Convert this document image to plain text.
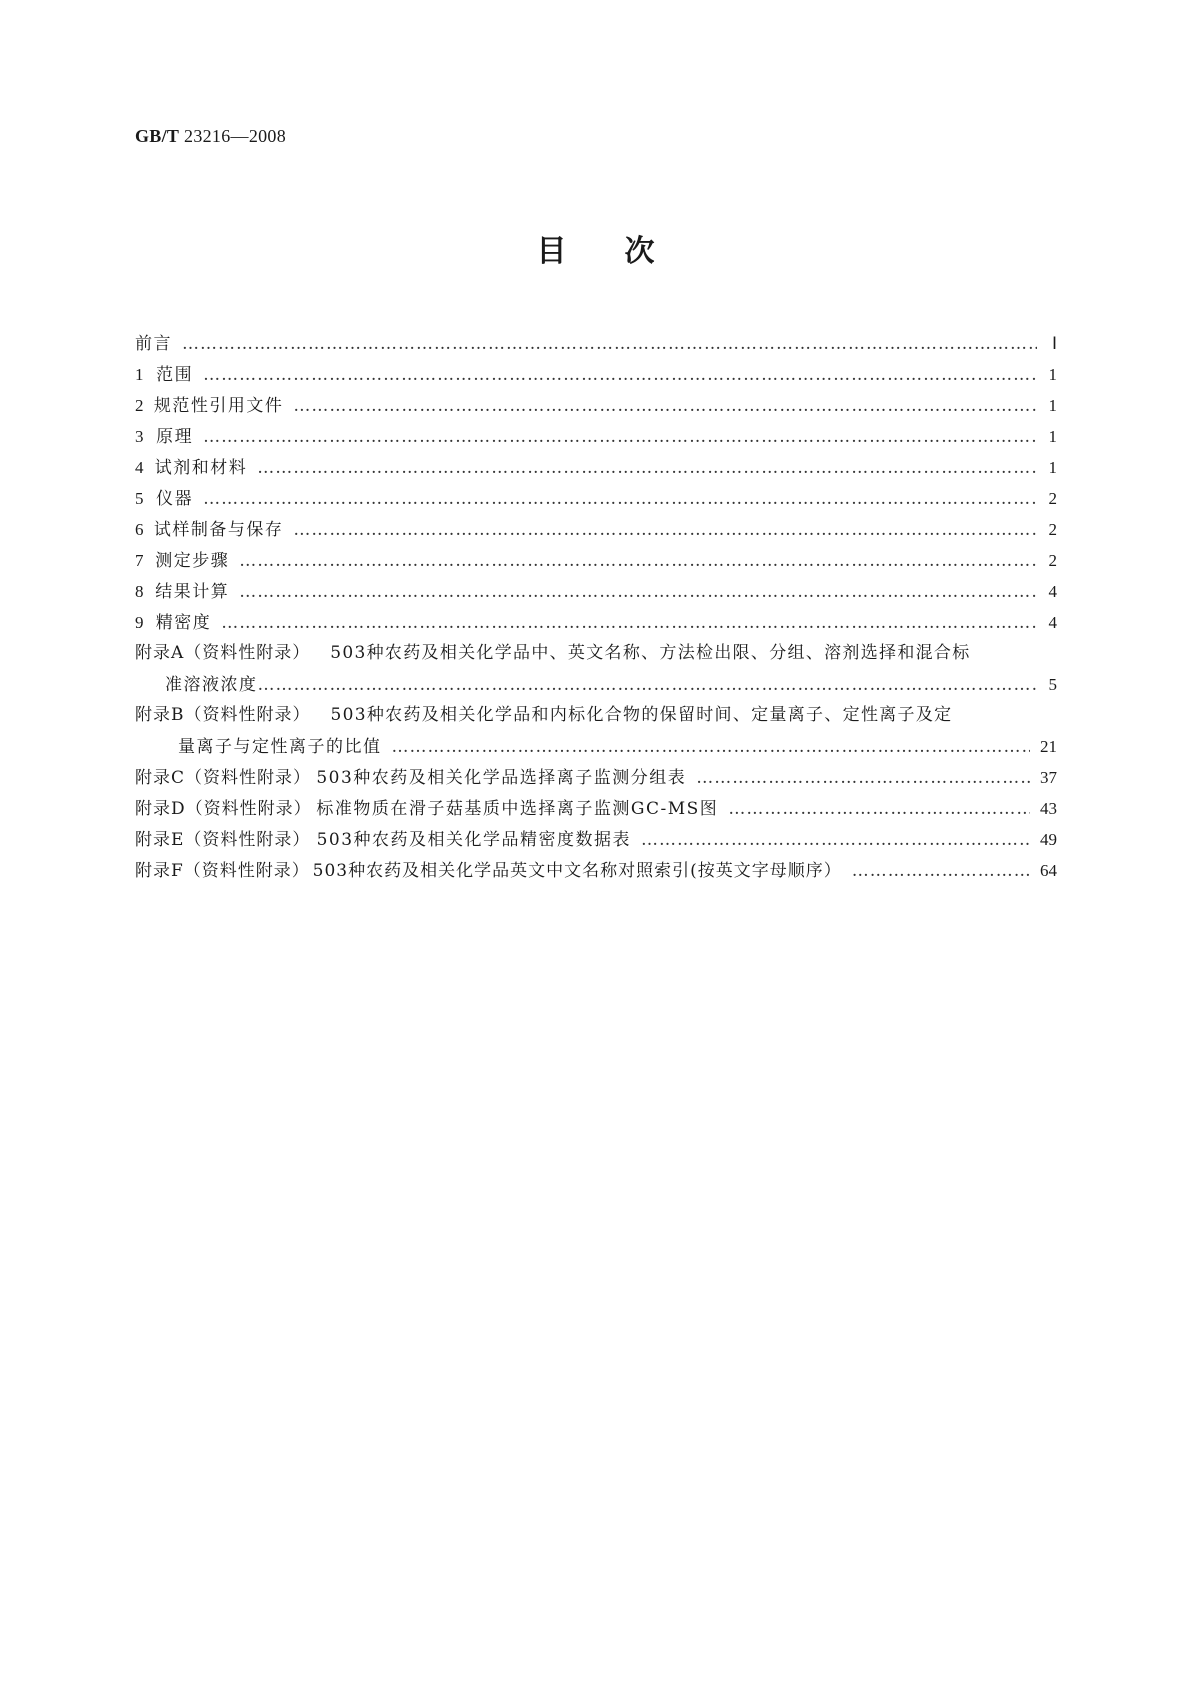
GB/T 23216—2008
目 次
前言 …………………………………………………………………………………………………………………………………………………………………………………………	Ⅰ
1 范围 …………………………………………………………………………………………………………………………………………………………………………………………	1
2 规范性引用文件 …………………………………………………………………………………………………………………………………………………………………………………………	1
3 原理 …………………………………………………………………………………………………………………………………………………………………………………………	1
4 试剂和材料 …………………………………………………………………………………………………………………………………………………………………………………………	1
5 仪器 …………………………………………………………………………………………………………………………………………………………………………………………	2
6 试样制备与保存 …………………………………………………………………………………………………………………………………………………………………………………………	2
7 测定步骤 …………………………………………………………………………………………………………………………………………………………………………………………	2
8 结果计算 …………………………………………………………………………………………………………………………………………………………………………………………	4
9 精密度 …………………………………………………………………………………………………………………………………………………………………………………………	4
附录A（资料性附录） 503种农药及相关化学品中、英文名称、方法检出限、分组、溶剂选择和混合标
准溶液浓度 …………………………………………………………………………………………………………………………………………………………………………………………	5
附录B（资料性附录） 503种农药及相关化学品和内标化合物的保留时间、定量离子、定性离子及定
量离子与定性离子的比值 …………………………………………………………………………………………………………………………………………………………………………………………	21
附录C（资料性附录） 503种农药及相关化学品选择离子监测分组表 …………………………………………………………………………………………………………………………………………………………………………………………	37
附录D（资料性附录） 标准物质在滑子菇基质中选择离子监测GC-MS图 …………………………………………………………………………………………………………………………………………………………………………………………	43
附录E（资料性附录） 503种农药及相关化学品精密度数据表 …………………………………………………………………………………………………………………………………………………………………………………………	49
附录F（资料性附录） 503种农药及相关化学品英文中文名称对照索引(按英文字母顺序） …………………………………………………………………………………………………………………………………………………………………………………………	64
